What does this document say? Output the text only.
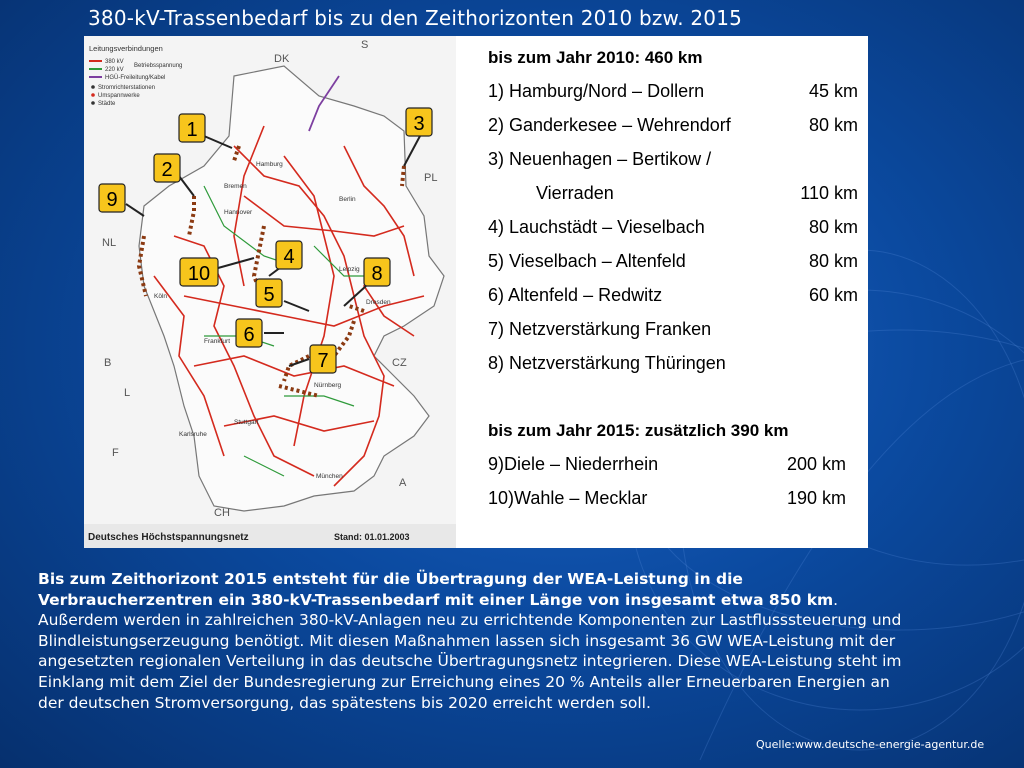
380-kV-Trassenbedarf bis zu den Zeithorizonten 2010 bzw. 2015
Leitungsverbindungen
380 kV
220 kV
Betriebsspannung
HGÜ-Freileitung/Kabel
Stromrichterstationen
Umspannwerke
Städte
DK
S
PL
NL
B
L
F
CH
A
CZ
Hamburg
Bremen
Hannover
Berlin
Leipzig
Dresden
Köln
Frankfurt
Nürnberg
Stuttgart
Karlsruhe
München
1
2
3
4
5
6
7
8
9
10
Deutsches Höchstspannungsnetz	Stand: 01.01.2003
bis zum Jahr 2010: 460 km
1) Hamburg/Nord – Dollern	45 km
2) Ganderkesee – Wehrendorf	80 km
3) Neuenhagen – Bertikow /
Vierraden	110 km
4) Lauchstädt – Vieselbach	80 km
5) Vieselbach – Altenfeld	80 km
6) Altenfeld – Redwitz	60 km
7) Netzverstärkung Franken
8) Netzverstärkung Thüringen
bis zum Jahr 2015: zusätzlich 390 km
9)Diele – Niederrhein	200 km
10)Wahle – Mecklar	190 km
Bis zum Zeithorizont 2015 entsteht für die Übertragung der WEA-Leistung in die Verbraucherzentren ein 380-kV-Trassenbedarf mit einer Länge von insgesamt etwa 850 km.
Außerdem werden in zahlreichen 380-kV-Anlagen neu zu errichtende Komponenten zur Lastflusssteuerung und Blindleistungserzeugung benötigt. Mit diesen Maßnahmen lassen sich insgesamt 36 GW WEA-Leistung mit der angesetzten regionalen Verteilung in das deutsche Übertragungsnetz integrieren. Diese WEA-Leistung steht im Einklang mit dem Ziel der Bundesregierung zur Erreichung eines 20 % Anteils aller Erneuerbaren Energien an der deutschen Stromversorgung, das spätestens bis 2020 erreicht werden soll.
Quelle:www.deutsche-energie-agentur.de
